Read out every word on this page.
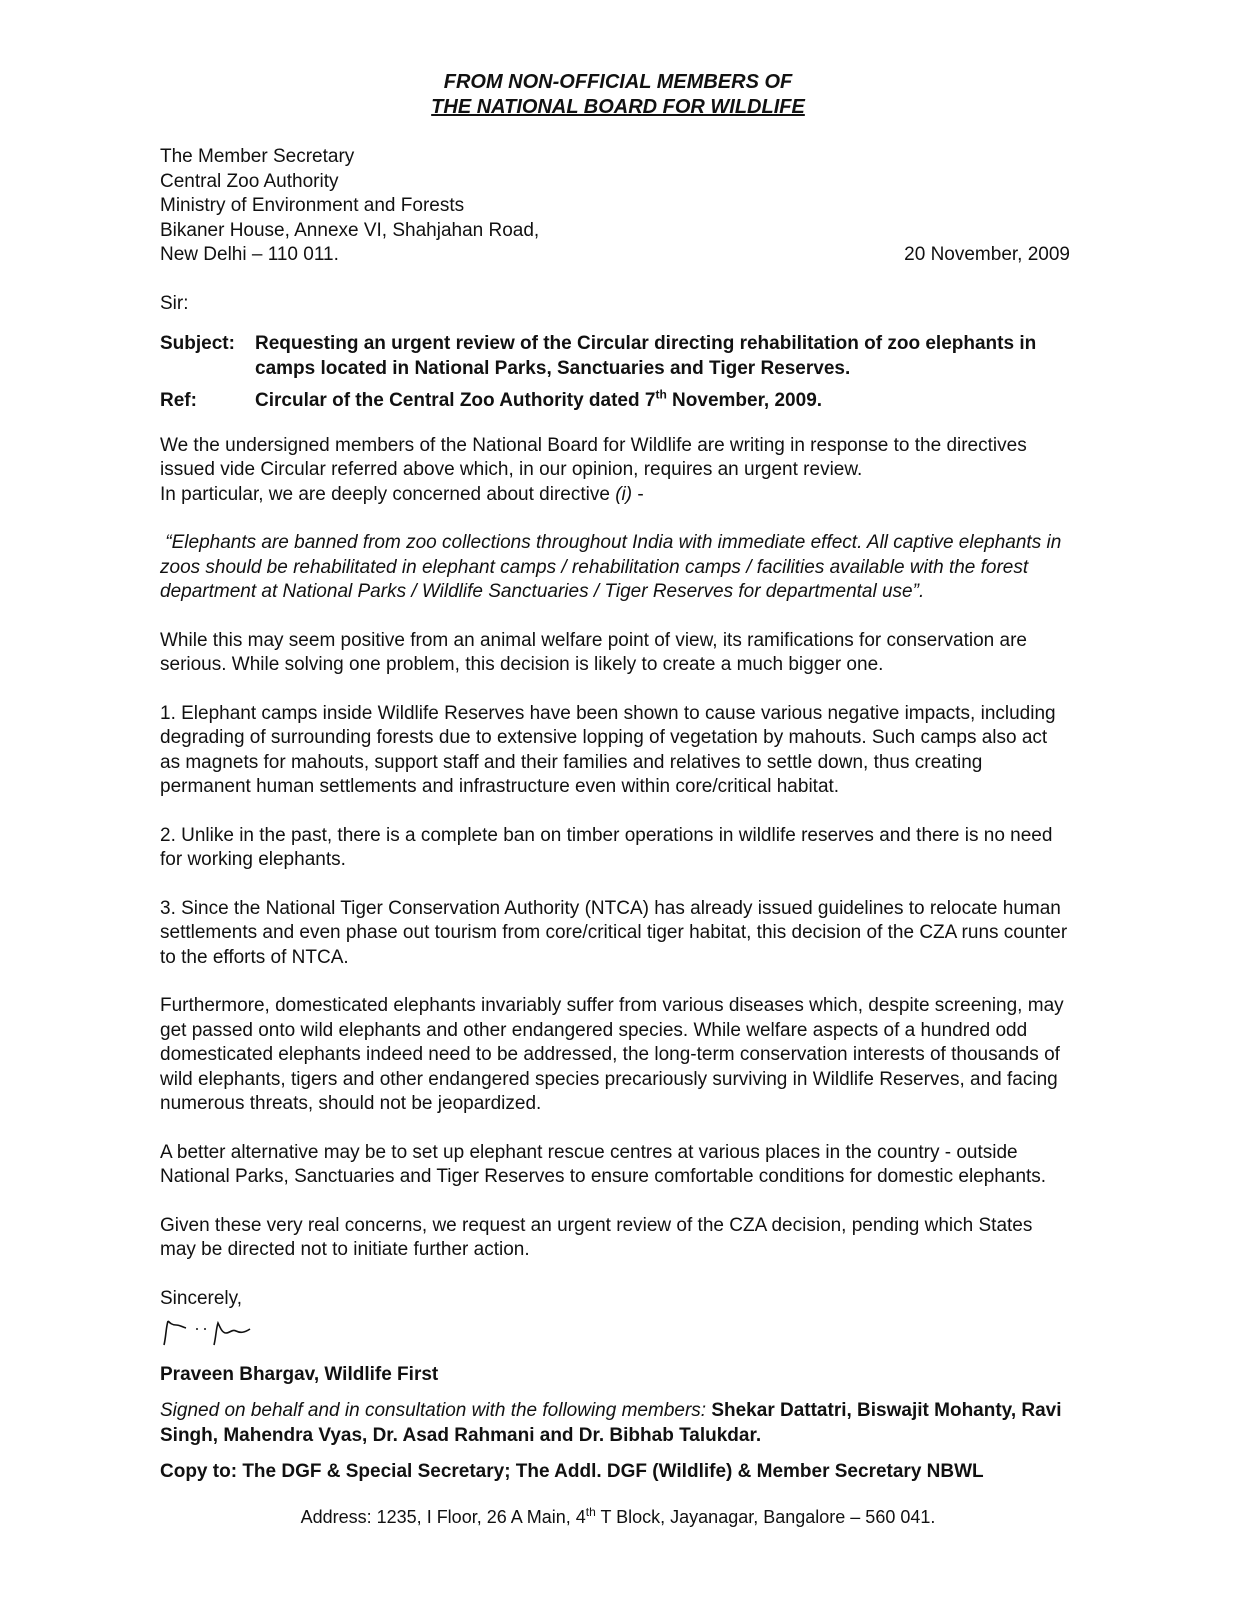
FROM NON-OFFICIAL MEMBERS OF
THE NATIONAL BOARD FOR WILDLIFE
The Member Secretary
Central Zoo Authority
Ministry of Environment and Forests
Bikaner House, Annexe VI, Shahjahan Road,
New Delhi – 110 011.	20 November, 2009
Sir:
Subject:	Requesting an urgent review of the Circular directing rehabilitation of zoo elephants in camps located in National Parks, Sanctuaries and Tiger Reserves.
Ref:	Circular of the Central Zoo Authority dated 7th November, 2009.

We the undersigned members of the National Board for Wildlife are writing in response to the directives issued vide Circular referred above which, in our opinion, requires an urgent review.

In particular, we are deeply concerned about directive (i) -

“Elephants are banned from zoo collections throughout India with immediate effect. All captive elephants in zoos should be rehabilitated in elephant camps / rehabilitation camps / facilities available with the forest department at National Parks / Wildlife Sanctuaries / Tiger Reserves for departmental use”.

While this may seem positive from an animal welfare point of view, its ramifications for conservation are serious. While solving one problem, this decision is likely to create a much bigger one.

1. Elephant camps inside Wildlife Reserves have been shown to cause various negative impacts, including degrading of surrounding forests due to extensive lopping of vegetation by mahouts. Such camps also act as magnets for mahouts, support staff and their families and relatives to settle down, thus creating permanent human settlements and infrastructure even within core/critical habitat.

2. Unlike in the past, there is a complete ban on timber operations in wildlife reserves and there is no need for working elephants.

3. Since the National Tiger Conservation Authority (NTCA) has already issued guidelines to relocate human settlements and even phase out tourism from core/critical tiger habitat, this decision of the CZA runs counter to the efforts of NTCA.

Furthermore, domesticated elephants invariably suffer from various diseases which, despite screening, may get passed onto wild elephants and other endangered species. While welfare aspects of a hundred odd domesticated elephants indeed need to be addressed, the long-term conservation interests of thousands of wild elephants, tigers and other endangered species precariously surviving in Wildlife Reserves, and facing numerous threats, should not be jeopardized.

A better alternative may be to set up elephant rescue centres at various places in the country - outside National Parks, Sanctuaries and Tiger Reserves to ensure comfortable conditions for domestic elephants.

Given these very real concerns, we request an urgent review of the CZA decision, pending which States may be directed not to initiate further action.

Sincerely,
Praveen Bhargav, Wildlife First

Signed on behalf and in consultation with the following members: Shekar Dattatri, Biswajit Mohanty, Ravi Singh, Mahendra Vyas, Dr. Asad Rahmani and Dr. Bibhab Talukdar.

Copy to: The DGF & Special Secretary; The Addl. DGF (Wildlife) & Member Secretary NBWL
Address: 1235, I Floor, 26 A Main, 4th T Block, Jayanagar, Bangalore – 560 041.
